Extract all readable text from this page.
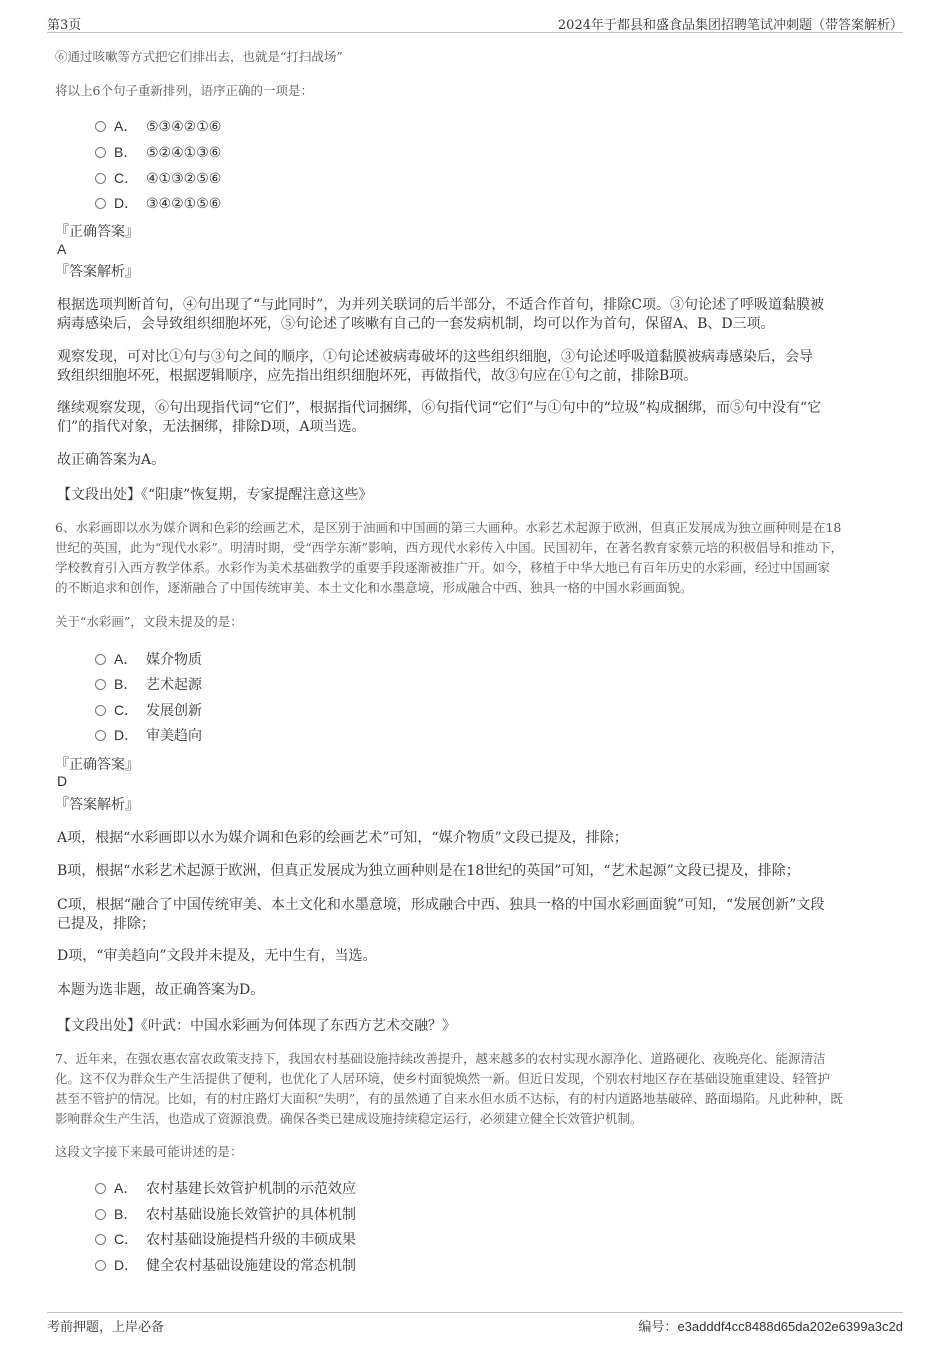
第3页	2024年于都县和盛食品集团招聘笔试冲刺题（带答案解析）
⑥通过咳嗽等方式把它们排出去，也就是“打扫战场”
将以上6个句子重新排列，语序正确的一项是：
A． ⑤③④②①⑥
B． ⑤②④①③⑥
C． ④①③②⑤⑥
D． ③④②①⑤⑥
『正确答案』
A
『答案解析』
根据选项判断首句，④句出现了“与此同时”，为并列关联词的后半部分，不适合作首句，排除C项。③句论述了呼吸道黏膜被
病毒感染后，会导致组织细胞坏死，⑤句论述了咳嗽有自己的一套发病机制，均可以作为首句，保留A、B、D三项。
观察发现，可对比①句与③句之间的顺序，①句论述被病毒破坏的这些组织细胞，③句论述呼吸道黏膜被病毒感染后，会导
致组织细胞坏死，根据逻辑顺序，应先指出组织细胞坏死，再做指代，故③句应在①句之前，排除B项。
继续观察发现，⑥句出现指代词“它们”，根据指代词捆绑，⑥句指代词“它们”与①句中的“垃圾”构成捆绑，而⑤句中没有“它
们”的指代对象，无法捆绑，排除D项，A项当选。
故正确答案为A。
【文段出处】《“阳康”恢复期，专家提醒注意这些》
6、水彩画即以水为媒介调和色彩的绘画艺术，是区别于油画和中国画的第三大画种。水彩艺术起源于欧洲，但真正发展成为独立画种则是在18
世纪的英国，此为“现代水彩”。明清时期，受“西学东渐”影响，西方现代水彩传入中国。民国初年，在著名教育家蔡元培的积极倡导和推动下，
学校教育引入西方教学体系。水彩作为美术基础教学的重要手段逐渐被推广开。如今，移植于中华大地已有百年历史的水彩画，经过中国画家
的不断追求和创作，逐渐融合了中国传统审美、本土文化和水墨意境，形成融合中西、独具一格的中国水彩画面貌。
关于“水彩画”，文段未提及的是：
A． 媒介物质
B． 艺术起源
C． 发展创新
D． 审美趋向
『正确答案』
D
『答案解析』
A项，根据“水彩画即以水为媒介调和色彩的绘画艺术”可知，“媒介物质”文段已提及，排除；
B项，根据“水彩艺术起源于欧洲，但真正发展成为独立画种则是在18世纪的英国”可知，“艺术起源”文段已提及，排除；
C项，根据“融合了中国传统审美、本土文化和水墨意境，形成融合中西、独具一格的中国水彩画面貌”可知，“发展创新”文段
已提及，排除；
D项，“审美趋向”文段并未提及，无中生有，当选。
本题为选非题，故正确答案为D。
【文段出处】《叶武：中国水彩画为何体现了东西方艺术交融？》
7、近年来，在强农惠农富农政策支持下，我国农村基础设施持续改善提升，越来越多的农村实现水源净化、道路硬化、夜晚亮化、能源清洁
化。这不仅为群众生产生活提供了便利，也优化了人居环境，使乡村面貌焕然一新。但近日发现，个别农村地区存在基础设施重建设、轻管护
甚至不管护的情况。比如，有的村庄路灯大面积“失明”，有的虽然通了自来水但水质不达标，有的村内道路地基破碎、路面塌陷。凡此种种，既
影响群众生产生活，也造成了资源浪费。确保各类已建成设施持续稳定运行，必须建立健全长效管护机制。
这段文字接下来最可能讲述的是：
A． 农村基建长效管护机制的示范效应
B． 农村基础设施长效管护的具体机制
C． 农村基础设施提档升级的丰硕成果
D． 健全农村基础设施建设的常态机制
考前押题，上岸必备	编号：e3adddf4cc8488d65da202e6399a3c2d
